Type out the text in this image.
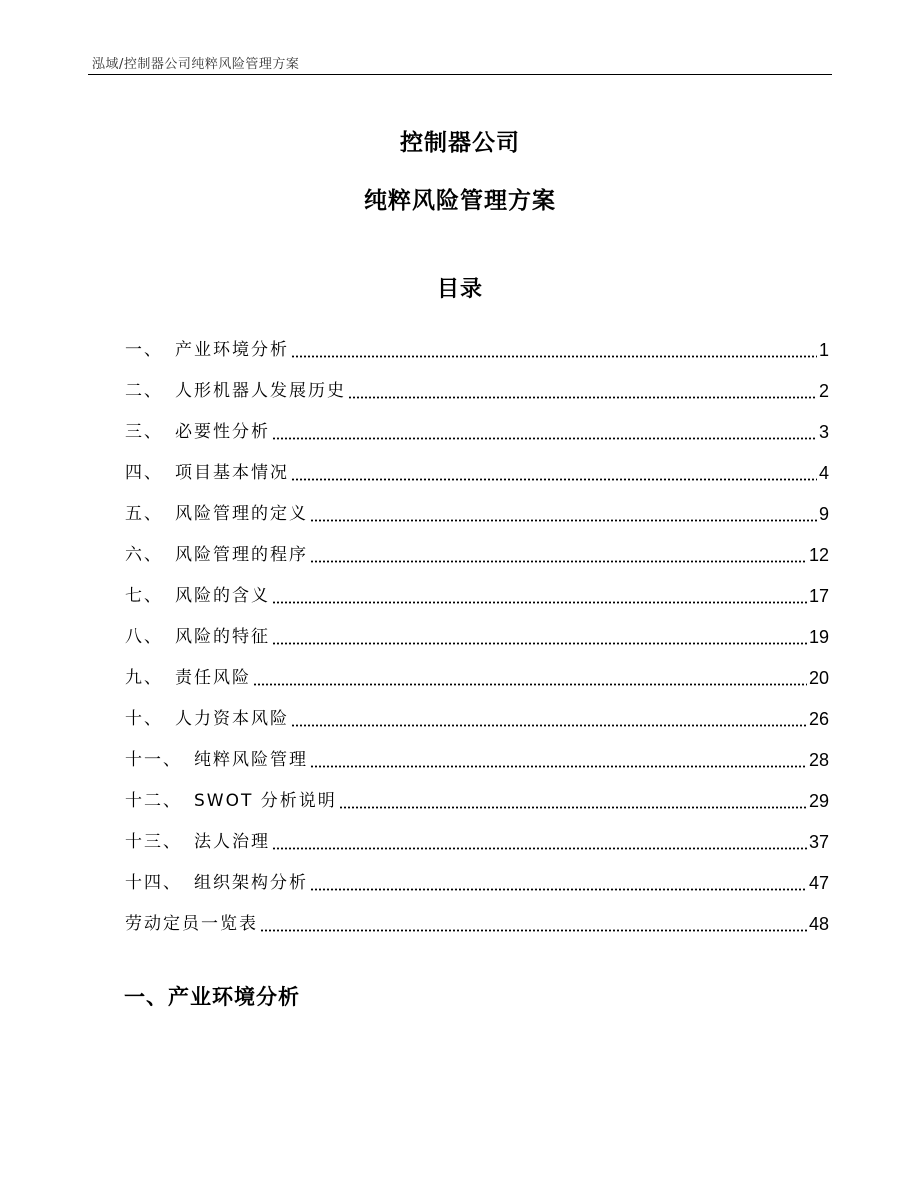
泓域/控制器公司纯粹风险管理方案
控制器公司
纯粹风险管理方案
目录
一、 产业环境分析	1
二、 人形机器人发展历史	2
三、 必要性分析	3
四、 项目基本情况	4
五、 风险管理的定义	9
六、 风险管理的程序	12
七、 风险的含义	17
八、 风险的特征	19
九、 责任风险	20
十、 人力资本风险	26
十一、 纯粹风险管理	28
十二、 SWOT 分析说明	29
十三、 法人治理	37
十四、 组织架构分析	47
劳动定员一览表	48
一、产业环境分析
